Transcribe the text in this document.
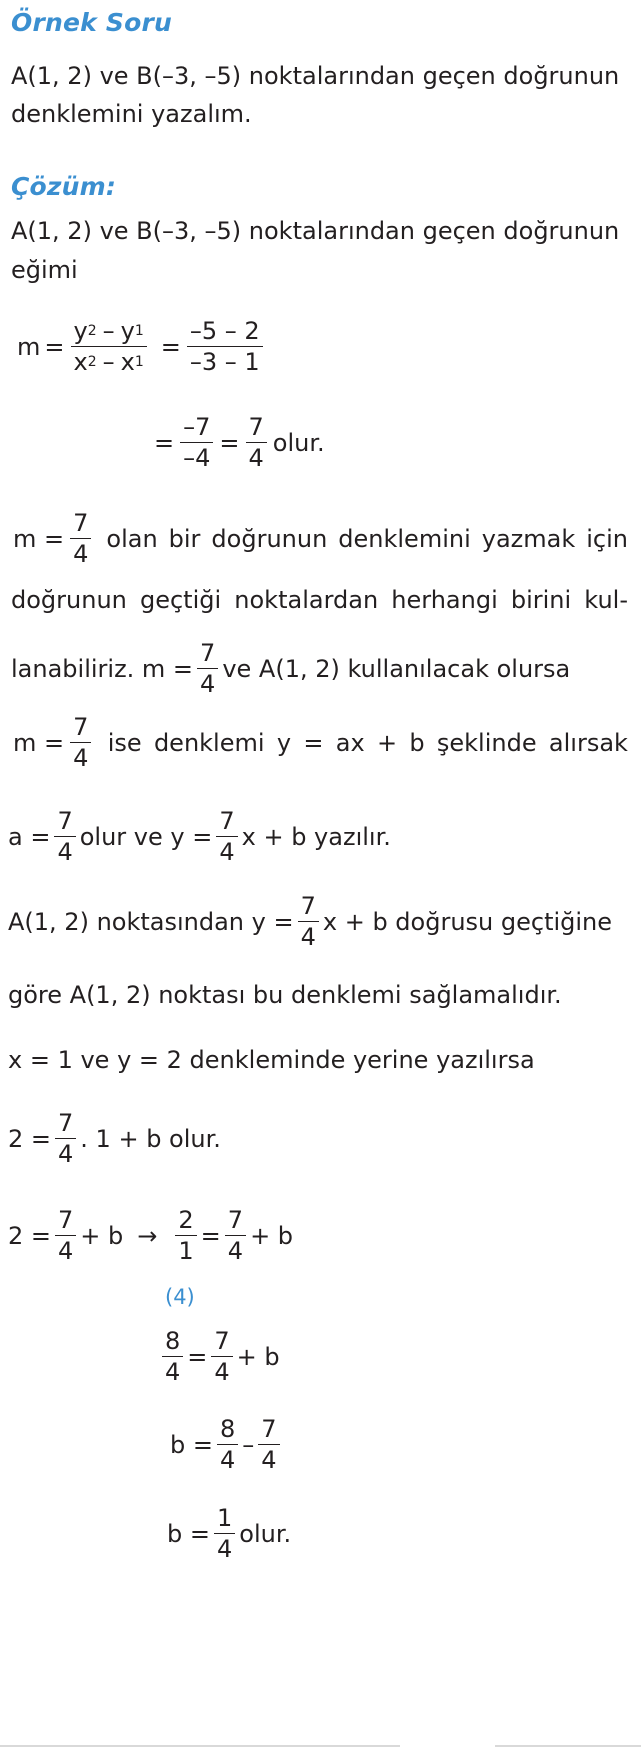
Örnek Soru
A(1, 2) ve B(–3, –5) noktalarından geçen doğrunun
denklemini yazalım.
Çözüm:
A(1, 2) ve B(–3, –5) noktalarından geçen doğrunun
eğimi
$m = \frac{y 2 - y 1}{x 2 - x 1} = \frac{-5 - 2}{-3 - 1}$
= $\frac{-7}{-4} = \frac{7}{4}$ olur.
$m = \frac{7}{4}$ olan bir doğrunun denklemini yazmak için
doğrunun geçtiği noktalardan herhangi birini kul-
lanabiliriz. $m = \frac{7}{4}$ ve A(1, 2) kullanılacak olursa
$m = \frac{7}{4}$ ise denklemi y = ax + b şeklinde alırsak
$a = \frac{7}{4}$ olur ve $y = \frac{7}{4}$ x + b yazılır.
A(1, 2) noktasından $y = \frac{7}{4}$ x + b doğrusu geçtiğine
göre A(1, 2) noktası bu denklemi sağlamalıdır.
x = 1 ve y = 2 denkleminde yerine yazılırsa
$2 = \frac{7}{4}$ . 1 + b olur.
$2 = \frac{7}{4} + b \to \frac{2}{1} = \frac{7}{4} + b$
(4)
$\frac{8}{4} = \frac{7}{4} + b$
$b = \frac{8}{4} - \frac{7}{4}$
$b = \frac{1}{4}$ olur.
